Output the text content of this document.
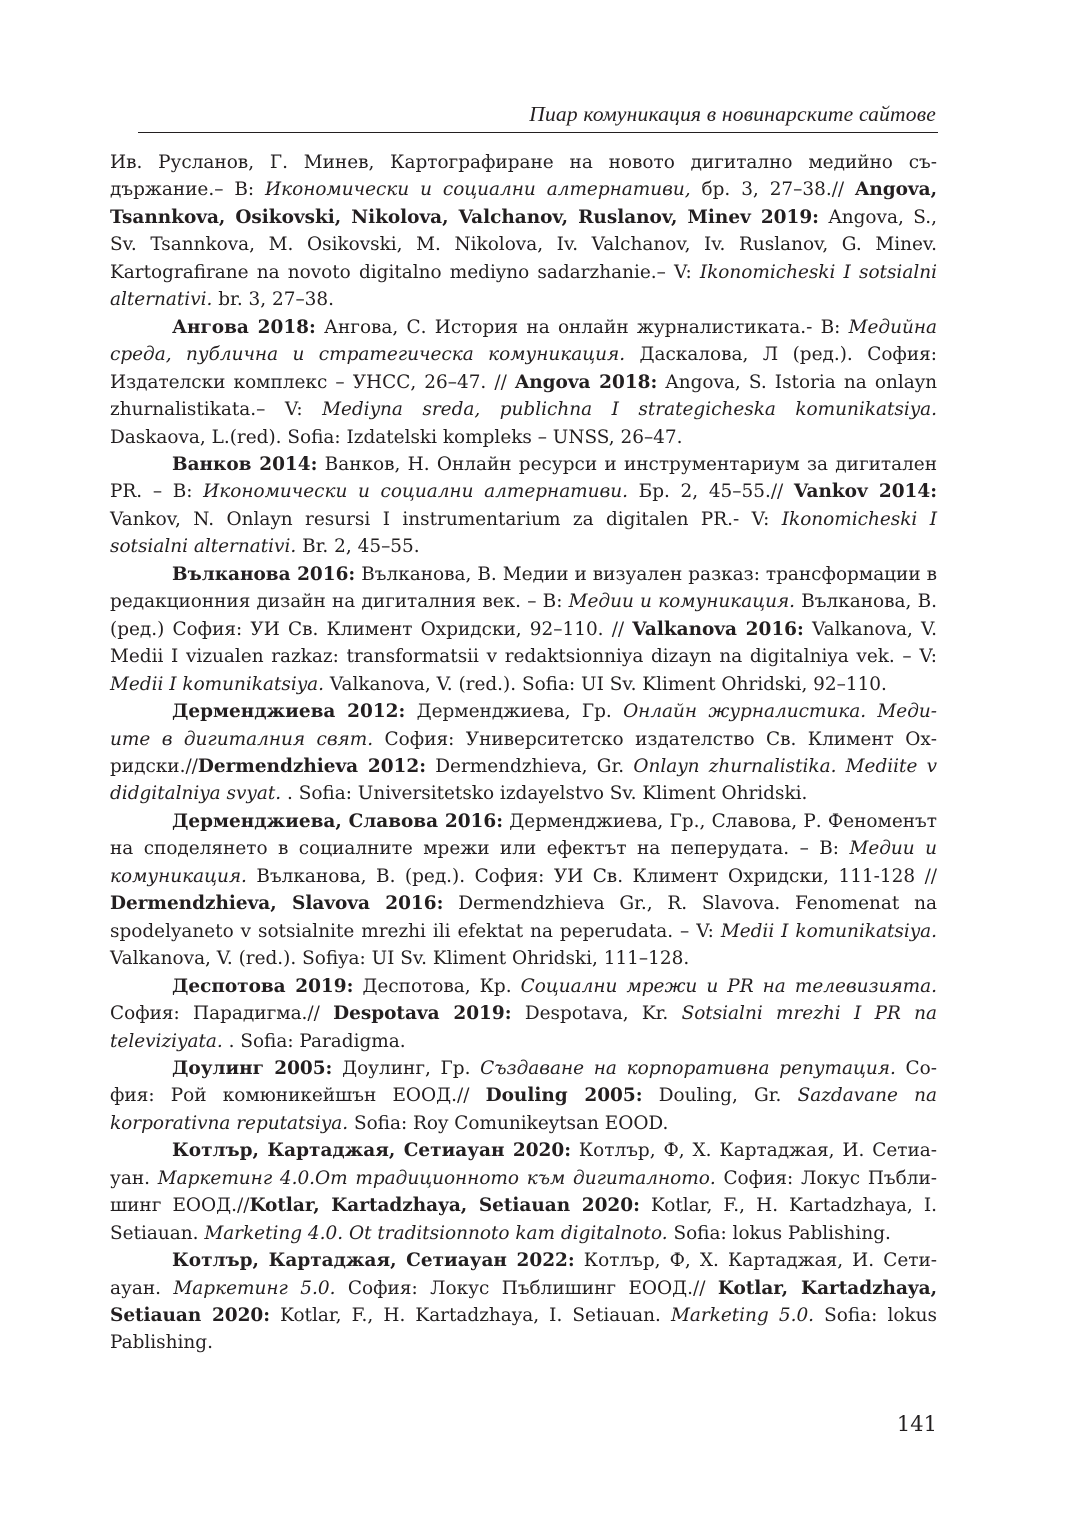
Пиар комуникация в новинарските сайтове

Ив. Русланов, Г. Минев, Картографиране на новото дигитално медийно съдържание.– В: Икономически и социални алтернативи, бр. 3, 27–38.// Angova, Tsannkova, Osikovski, Nikolova, Valchanov, Ruslanov, Minev 2019: Angova, S., Sv. Tsannkova, M. Osikovski, M. Nikolova, Iv. Valchanov, Iv. Ruslanov, G. Minev. Kartografirane na novoto digitalno mediyno sadarzhanie.– V: Ikonomicheski I sotsialni alternativi. br. 3, 27–38.

Ангова 2018: Ангова, С. История на онлайн журналистиката.- В: Медийна среда, публична и стратегическа комуникация. Даскалова, Л (ред.). София: Издателски комплекс – УНСС, 26–47. // Angova 2018: Angova, S. Istoria na onlayn zhurnalistikata.– V: Mediyna sreda, publichna I strategicheska komunikatsiya. Daskaova, L.(red). Sofia: Izdatelski kompleks – UNSS, 26–47.

Ванков 2014: Ванков, Н. Онлайн ресурси и инструментариум за дигитален PR. – В: Икономически и социални алтернативи. Бр. 2, 45–55.// Vankov 2014: Vankov, N. Onlayn resursi I instrumentarium za digitalen PR.- V: Ikonomicheski I sotsialni alternativi. Br. 2, 45–55.

Вълканова 2016: Вълканова, В. Медии и визуален разказ: трансформации в редакционния дизайн на дигиталния век. – В: Медии и комуникация. Вълканова, В. (ред.) София: УИ Св. Климент Охридски, 92–110. // Valkanova 2016: Valkanova, V. Medii I vizualen razkaz: transformatsii v redaktsionniya dizayn na digitalniya vek. – V: Medii I komunikatsiya. Valkanova, V. (red.). Sofia: UI Sv. Kliment Ohridski, 92–110.

Дерменджиева 2012: Дерменджиева, Гр. Онлайн журналистика. Медиите в дигиталния свят. София: Университетско издателство Св. Климент Охридски.//Dermendzhieva 2012: Dermendzhieva, Gr. Onlayn zhurnalistika. Mediite v didgitalniya svyat. . Sofia: Universitetsko izdayelstvo Sv. Kliment Ohridski.

Дерменджиева, Славова 2016: Дерменджиева, Гр., Славова, Р. Феноменът на споделянето в социалните мрежи или ефектът на пеперудата. – В: Медии и комуникация. Вълканова, В. (ред.). София: УИ Св. Климент Охридски, 111-128 // Dermendzhieva, Slavova 2016: Dermendzhieva Gr., R. Slavova. Fenomenat na spodelyaneto v sotsialnite mrezhi ili efektat na peperudata. – V: Medii I komunikatsiya. Valkanova, V. (red.). Sofiya: UI Sv. Kliment Ohridski, 111–128.

Деспотова 2019: Деспотова, Кр. Социални мрежи и PR на телевизията. София: Парадигма.// Despotava 2019: Despotava, Kr. Sotsialni mrezhi I PR na televiziyata. . Sofia: Paradigma.

Доулинг 2005: Доулинг, Гр. Създаване на корпоративна репутация. София: Рой комюникейшън ЕООД.// Douling 2005: Douling, Gr. Sazdavane na korporativna reputatsiya. Sofia: Roy Comunikeytsan EOOD.

Котлър, Картаджая, Сетиауан 2020: Котлър, Ф, Х. Картаджая, И. Сетиауан. Маркетинг 4.0.От традиционното към дигиталното. София: Локус Пъблишинг ЕООД.//Kotlar, Kartadzhaya, Setiauan 2020: Kotlar, F., H. Kartadzhaya, I. Setiauan. Marketing 4.0. Ot traditsionnoto kam digitalnoto. Sofia: lokus Pablishing.

Котлър, Картаджая, Сетиауан 2022: Котлър, Ф, Х. Картаджая, И. Сетиауан. Маркетинг 5.0. София: Локус Пъблишинг ЕООД.// Kotlar, Kartadzhaya, Setiauan 2020: Kotlar, F., H. Kartadzhaya, I. Setiauan. Marketing 5.0. Sofia: lokus Pablishing.

141
